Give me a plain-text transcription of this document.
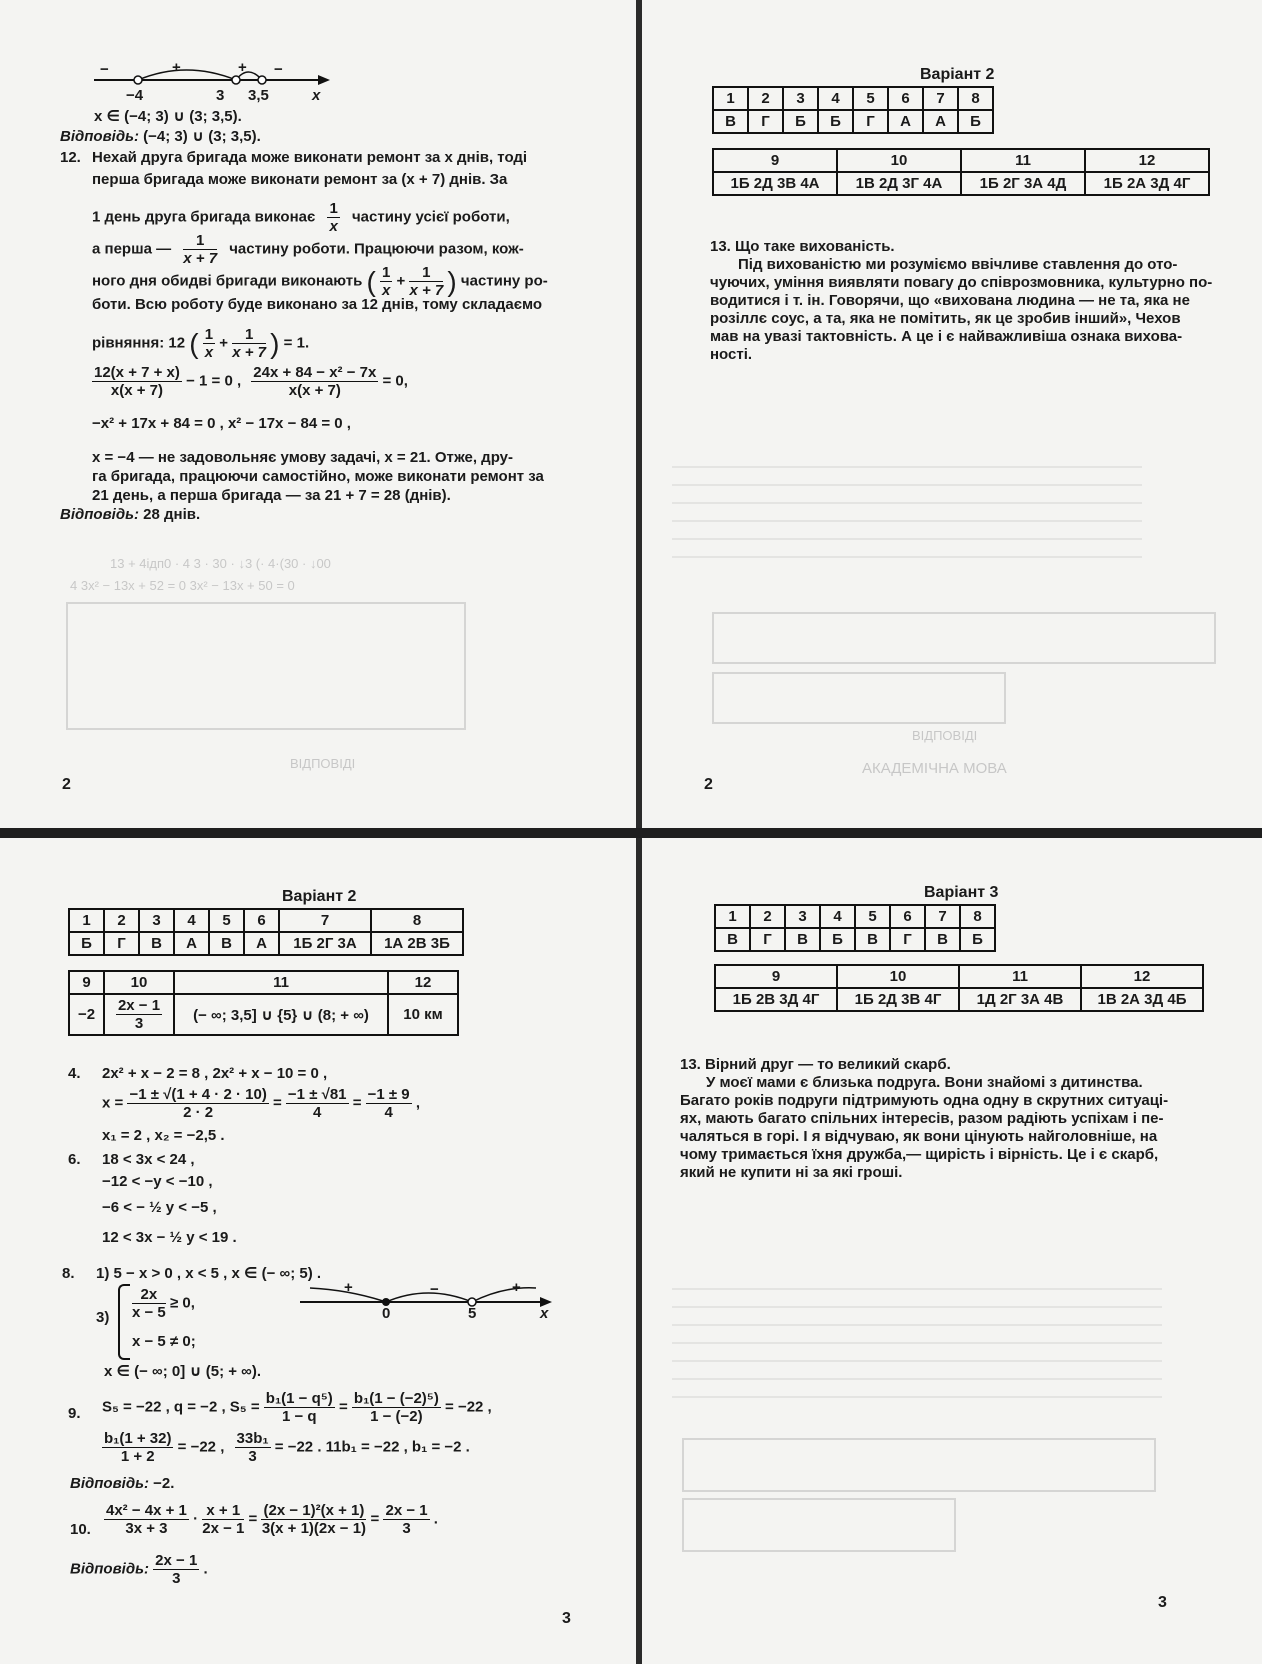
−	+	+ −
−4	3 3,5	x
x ∈ (−4; 3) ∪ (3; 3,5).
Відповідь: (−4; 3) ∪ (3; 3,5).
12. Нехай друга бригада може виконати ремонт за x днів, тоді
перша бригада може виконати ремонт за (x + 7) днів. За
1 день друга бригада виконає $\frac{1}{x}$ частину усієї роботи,
а перша — $\frac{1}{x + 7}$ частину роботи. Працюючи разом, кож-
ного дня обидві бригади виконають ( $\frac{1}{x} + \frac{1}{x + 7}$ ) частину ро-
боти. Всю роботу буде виконано за 12 днів, тому складаємо
рівняння: 12 ( $\frac{1}{x} + \frac{1}{x + 7}$ ) = 1.
$\frac{12(x + 7 + x)}{x(x + 7)} - 1 = 0$ , $\frac{\text{24x + 84 − x² − 7x}}{x(x + 7)} = 0$,
−x² + 17x + 84 = 0 , x² − 17x − 84 = 0 ,
x = −4 — не задовольняє умову задачі, x = 21. Отже, дру-
га бригада, працюючи самостійно, може виконати ремонт за
21 день, а перша бригада — за 21 + 7 = 28 (днів).
Відповідь: 28 днів.
13 + 4ідп0 · 4 3 · 30 · ↓3 (· 4·(30 · ↓00
4 3х² − 13х + 52 = 0 3х² − 13х + 50 = 0
ВІДПОВІДІ
2
Варіант 2
1	2	3	4	5	6	7	8
В	Г	Б	Б	Г	А	А	Б
9	10	11	12
1Б 2Д 3В 4А	1В 2Д 3Г 4А	1Б 2Г 3А 4Д	1Б 2А 3Д 4Г
13. Що таке вихованість.
Під вихованістю ми розуміємо ввічливе ставлення до ото-
чуючих, уміння виявляти повагу до співрозмовника, культурно по-
водитися і т. ін. Говорячи, що «вихована людина — не та, яка не
розіллє соус, а та, яка не помітить, як це зробив інший», Чехов
мав на увазі тактовність. А це і є найважливіша ознака вихова-
ності.
ВІДПОВІДІ
АКАДЕМІЧНА МОВА
2
Варіант 2
1	2	3	4	5	6	7	8
Б	Г	В	А	В	А	1Б 2Г 3А	1А 2В 3Б
9	10	11	12
−2	$\frac{2x - 1}{3}$	(− ∞; 3,5] ∪ {5} ∪ (8; + ∞)	10 км
4. 2x² + x − 2 = 8 , 2x² + x − 10 = 0 ,
$x = \frac{-1 \pm √(1 + 4 \cdot 2 \cdot 10)}{2 \cdot 2} = \frac{-1 \pm √81}{4} = \frac{-1 \pm 9}{4}$ ,
x₁ = 2 , x₂ = −2,5 .
6. 18 < 3x < 24 ,
−12 < −y < −10 ,
−6 < − ½ y < −5 ,
12 < 3x − ½ y < 19 .
8. 1) 5 − x > 0 , x < 5 , x ∈ (− ∞; 5) .
$3) \frac{2x}{x - 5} \ge 0$,
x − 5 ≠ 0;
+	−	+
0	5	x
x ∈ (− ∞; 0] ∪ (5; + ∞).
9. S₅ = −22 , q = −2 , $S_5 = \frac{\text{b₁(1 − q⁵)}}{1 - q} = \frac{\text{b₁(1 − (−2)⁵)}}{1 - (-2)} = -22$ ,
$\frac{\text{b₁(1 + 32)}}{1 + 2} = -22$ , $\frac{\text{33b₁}}{3} = -22$ . 11b₁ = −22 , b₁ = −2 .
Відповідь: −2.
10. $\frac{\text{4x² − 4x + 1}}{3x + 3} \cdot \frac{x + 1}{2x - 1} = \frac{\text{(2x − 1)²(x + 1)}}{3(x + 1)(2x - 1)} = \frac{2x - 1}{3}$ .
Відповідь: $\frac{2x - 1}{3}$ .
3
Варіант 3
1	2	3	4	5	6	7	8
В	Г	В	Б	В	Г	В	Б
9	10	11	12
1Б 2В 3Д 4Г	1Б 2Д 3В 4Г	1Д 2Г 3А 4В	1В 2А 3Д 4Б
13. Вірний друг — то великий скарб.
У моєї мами є близька подруга. Вони знайомі з дитинства.
Багато років подруги підтримують одна одну в скрутних ситуаці-
ях, мають багато спільних інтересів, разом радіють успіхам і пе-
чаляться в горі. І я відчуваю, як вони цінують найголовніше, на
чому тримається їхня дружба,— щирість і вірність. Це і є скарб,
який не купити ні за які гроші.
3
